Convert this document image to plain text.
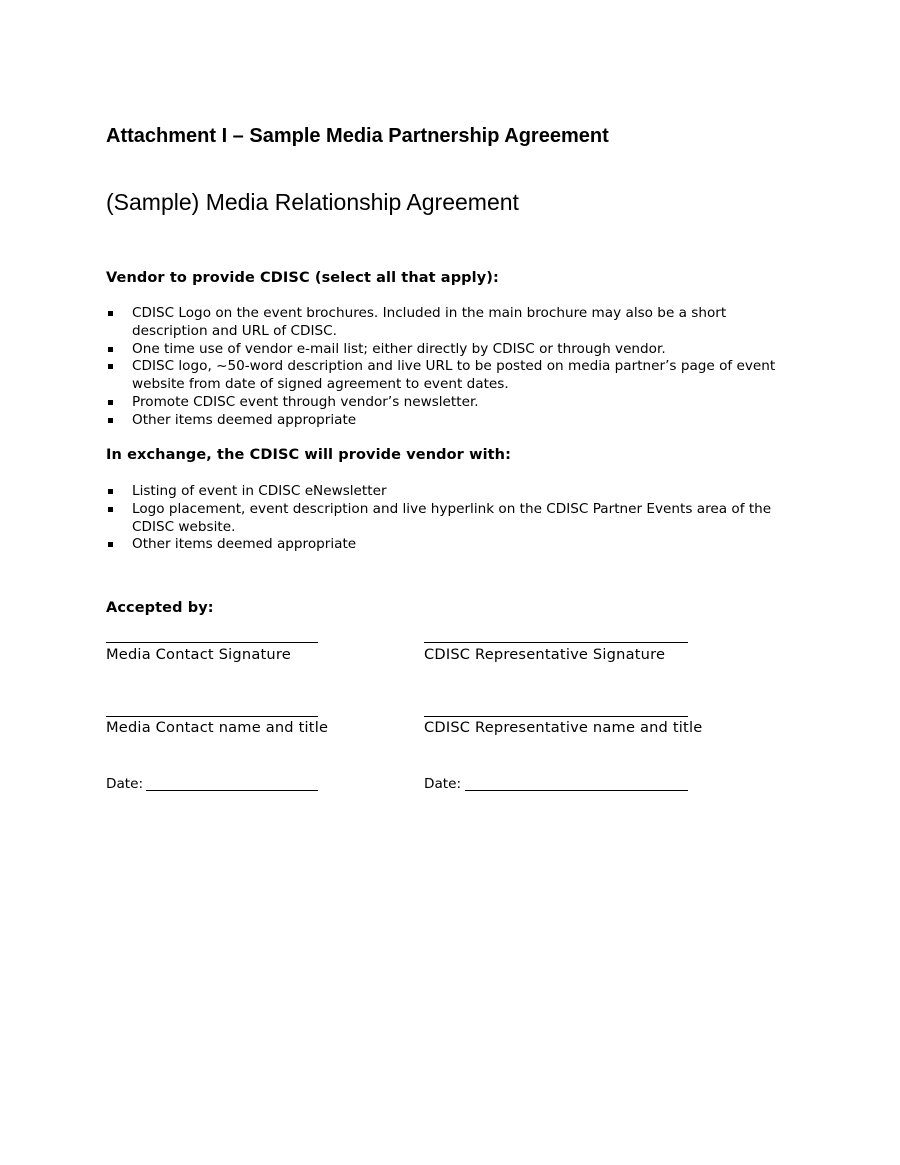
Attachment I – Sample Media Partnership Agreement
(Sample) Media Relationship Agreement
Vendor to provide CDISC (select all that apply):
CDISC Logo on the event brochures. Included in the main brochure may also be a short description and URL of CDISC.
One time use of vendor e-mail list; either directly by CDISC or through vendor.
CDISC logo, ~50-word description and live URL to be posted on media partner’s page of event website from date of signed agreement to event dates.
Promote CDISC event through vendor’s newsletter.
Other items deemed appropriate
In exchange, the CDISC will provide vendor with:
Listing of event in CDISC eNewsletter
Logo placement, event description and live hyperlink on the CDISC Partner Events area of the CDISC website.
Other items deemed appropriate
Accepted by:

Media Contact Signature	CDISC Representative Signature

Media Contact name and title	CDISC Representative name and title

Date:	Date:
